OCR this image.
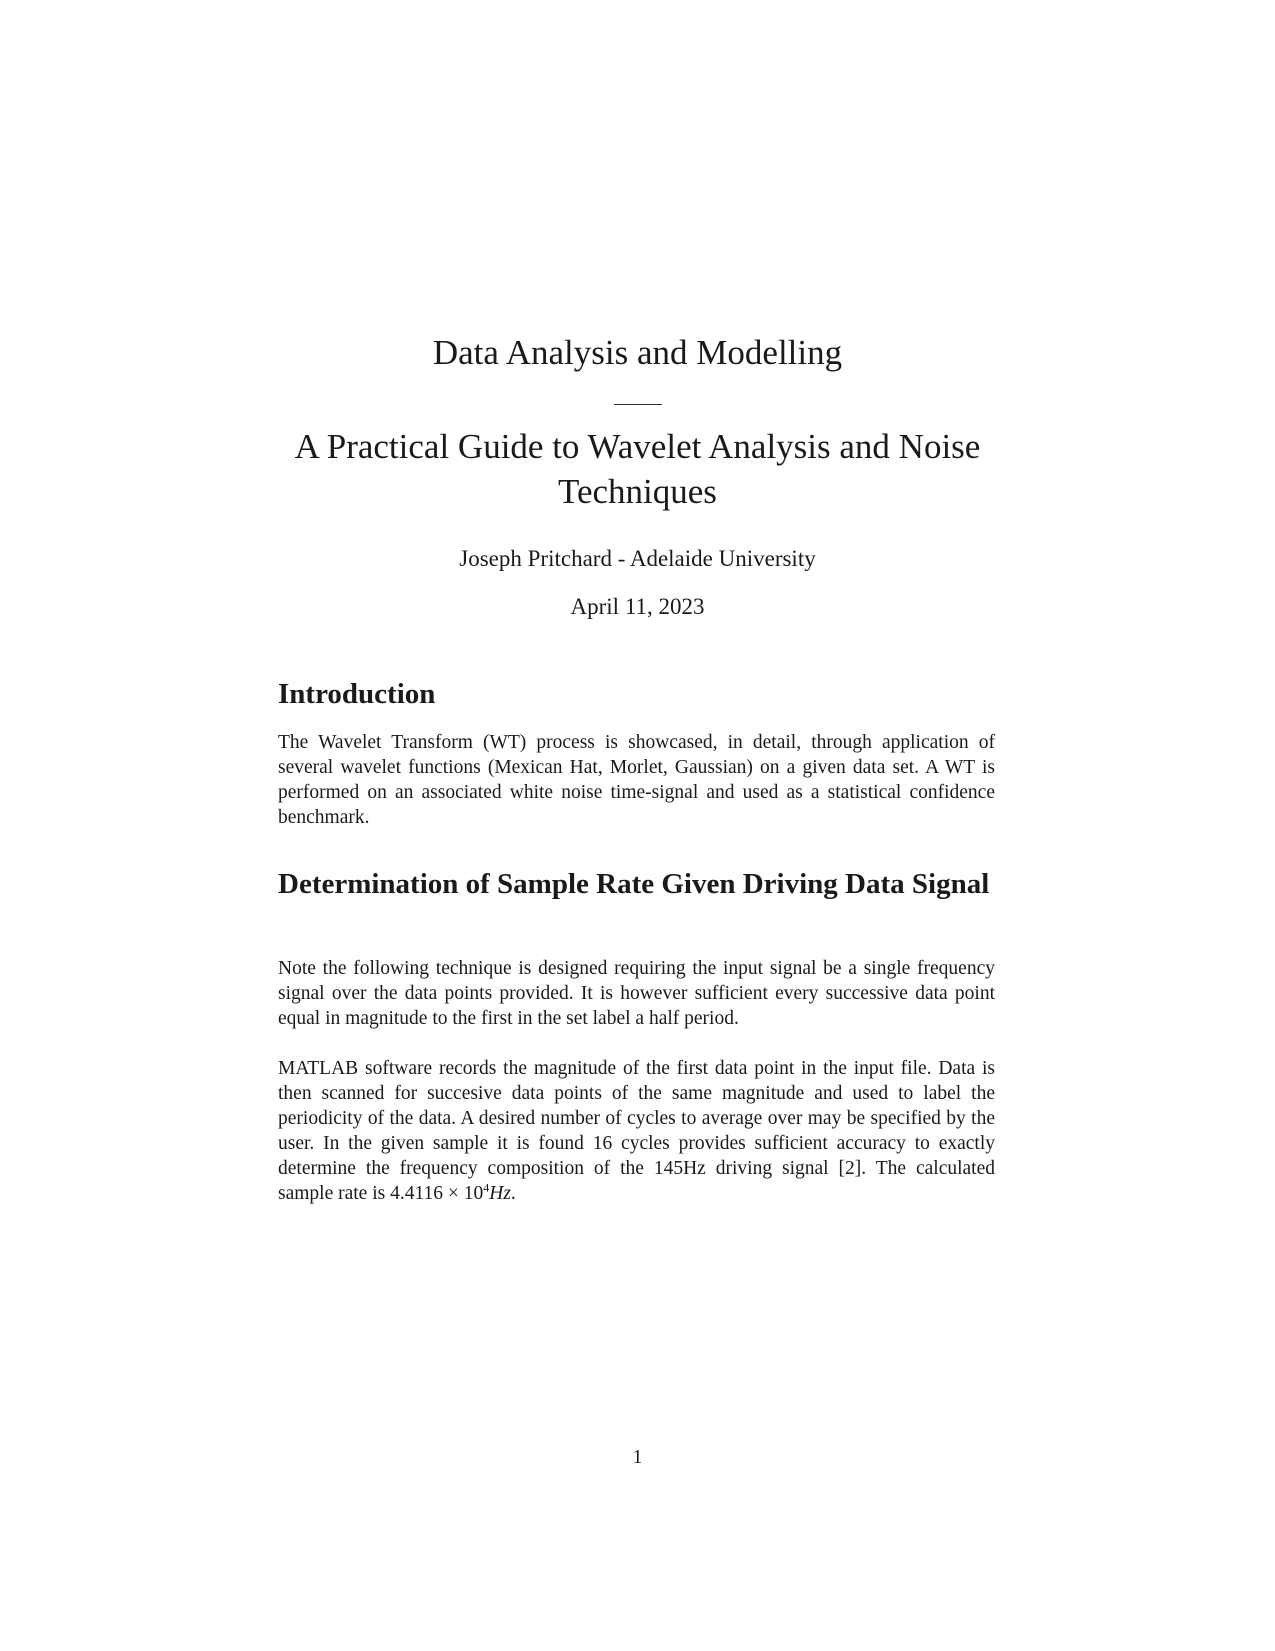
Data Analysis and Modelling
A Practical Guide to Wavelet Analysis and Noise Techniques

Joseph Pritchard - Adelaide University

April 11, 2023

Introduction

The Wavelet Transform (WT) process is showcased, in detail, through application of several wavelet functions (Mexican Hat, Morlet, Gaussian) on a given data set. A WT is performed on an associated white noise time-signal and used as a statistical confidence benchmark.

Determination of Sample Rate Given Driving Data Signal

Note the following technique is designed requiring the input signal be a single frequency signal over the data points provided. It is however sufficient every successive data point equal in magnitude to the first in the set label a half period.

MATLAB software records the magnitude of the first data point in the input file. Data is then scanned for succesive data points of the same magnitude and used to label the periodicity of the data. A desired number of cycles to average over may be specified by the user. In the given sample it is found 16 cycles provides sufficient accuracy to exactly determine the frequency composition of the 145Hz driving signal [2]. The calculated sample rate is $4.4116 \times 10^4Hz$.

1
